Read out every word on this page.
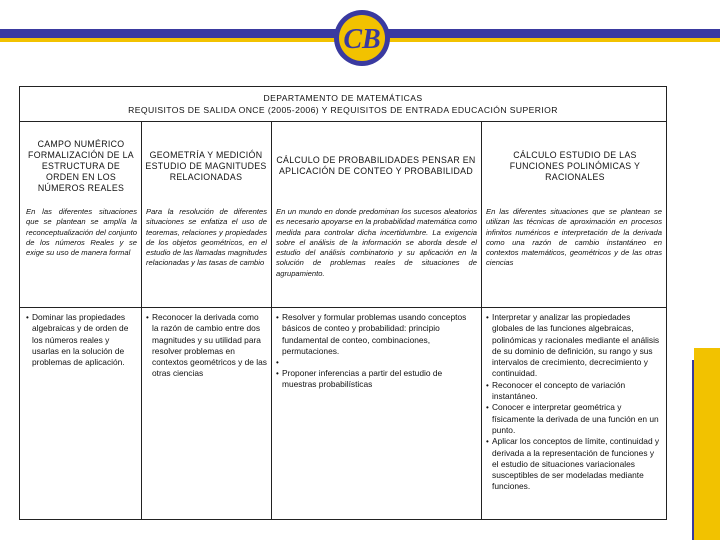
CB
DEPARTAMENTO DE MATEMÁTICAS
REQUISITOS DE SALIDA ONCE (2005-2006) Y REQUISITOS DE ENTRADA EDUCACIÓN SUPERIOR
CAMPO NUMÉRICO FORMALIZACIÓN DE LA ESTRUCTURA DE ORDEN EN LOS NÚMEROS REALES
En las diferentes situaciones que se plantean se amplía la reconceptualización del conjunto de los números Reales y se exige su uso de manera formal
• Dominar las propiedades algebraicas y de orden de los números reales y usarlas en la solución de problemas de aplicación.
GEOMETRÍA Y MEDICIÓN ESTUDIO DE MAGNITUDES RELACIONADAS
Para la resolución de diferentes situaciones se enfatiza el uso de teoremas, relaciones y propiedades de los objetos geométricos, en el estudio de las llamadas magnitudes relacionadas y las tasas de cambio
• Reconocer la derivada como la razón de cambio entre dos magnitudes y su utilidad para resolver problemas en contextos geométricos y de las otras ciencias
CÁLCULO DE PROBABILIDADES PENSAR EN APLICACIÓN DE CONTEO Y PROBABILIDAD
En un mundo en donde predominan los sucesos aleatorios es necesario apoyarse en la probabilidad matemática como medida para controlar dicha incertidumbre. La exigencia sobre el análisis de la información se aborda desde el estudio del análisis combinatorio y su aplicación en la solución de problemas reales de situaciones de agrupamiento.
• Resolver y formular problemas usando conceptos básicos de conteo y probabilidad: principio fundamental de conteo, combinaciones, permutaciones.
•
• Proponer inferencias a partir del estudio de muestras probabilísticas
CÁLCULO ESTUDIO DE LAS FUNCIONES POLINÓMICAS Y RACIONALES
En las diferentes situaciones que se plantean se utilizan las técnicas de aproximación en procesos infinitos numéricos e interpretación de la derivada como una razón de cambio instantáneo en contextos matemáticos, geométricos y de las otras ciencias
• Interpretar y analizar las propiedades globales de las funciones algebraicas, polinómicas y racionales mediante el análisis de su dominio de definición, su rango y sus intervalos de crecimiento, decrecimiento y continuidad.
• Reconocer el concepto de variación instantáneo.
• Conocer e interpretar geométrica y físicamente la derivada de una función en un punto.
• Aplicar los conceptos de límite, continuidad y derivada a la representación de funciones y el estudio de situaciones variacionales susceptibles de ser modeladas mediante funciones.
